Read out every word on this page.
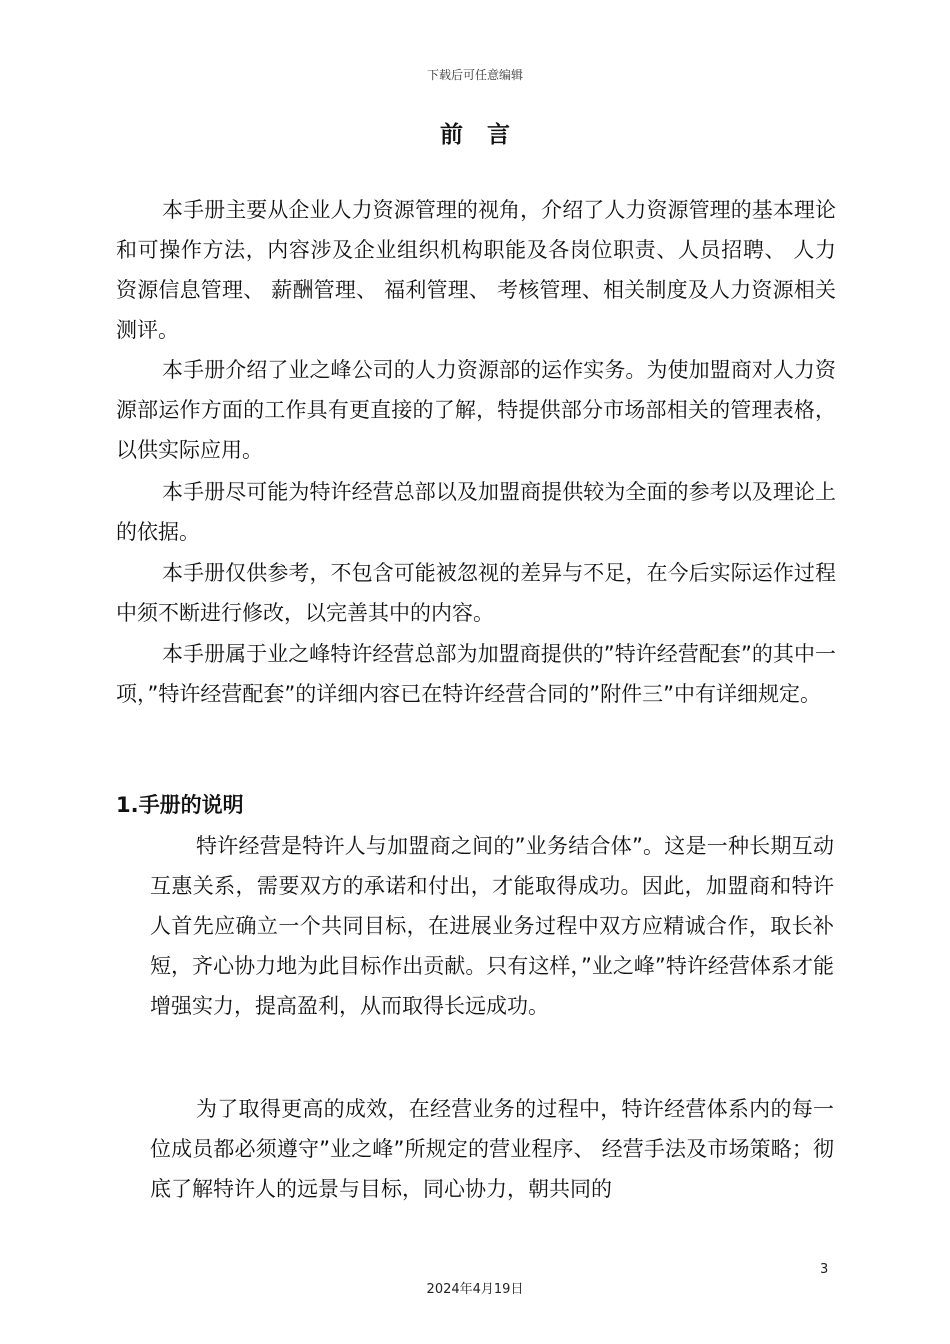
下载后可任意编辑
前言

本手册主要从企业人力资源管理的视角，介绍了人力资源管理的基本理论和可操作方法，内容涉及企业组织机构职能及各岗位职责、人员招聘、 人力资源信息管理、 薪酬管理、 福利管理、 考核管理、相关制度及人力资源相关测评。

本手册介绍了业之峰公司的人力资源部的运作实务。为使加盟商对人力资源部运作方面的工作具有更直接的了解，特提供部分市场部相关的管理表格，以供实际应用。

本手册尽可能为特许经营总部以及加盟商提供较为全面的参考以及理论上的依据。

本手册仅供参考，不包含可能被忽视的差异与不足，在今后实际运作过程中须不断进行修改，以完善其中的内容。

本手册属于业之峰特许经营总部为加盟商提供的”特许经营配套”的其中一项，”特许经营配套”的详细内容已在特许经营合同的”附件三”中有详细规定。

1.手册的说明

特许经营是特许人与加盟商之间的”业务结合体”。这是一种长期互动互惠关系，需要双方的承诺和付出，才能取得成功。因此，加盟商和特许人首先应确立一个共同目标，在进展业务过程中双方应精诚合作，取长补短，齐心协力地为此目标作出贡献。只有这样，”业之峰”特许经营体系才能增强实力，提高盈利，从而取得长远成功。

为了取得更高的成效，在经营业务的过程中，特许经营体系内的每一位成员都必须遵守”业之峰”所规定的营业程序、 经营手法及市场策略；彻底了解特许人的远景与目标，同心协力，朝共同的

3
2024年4月19日
